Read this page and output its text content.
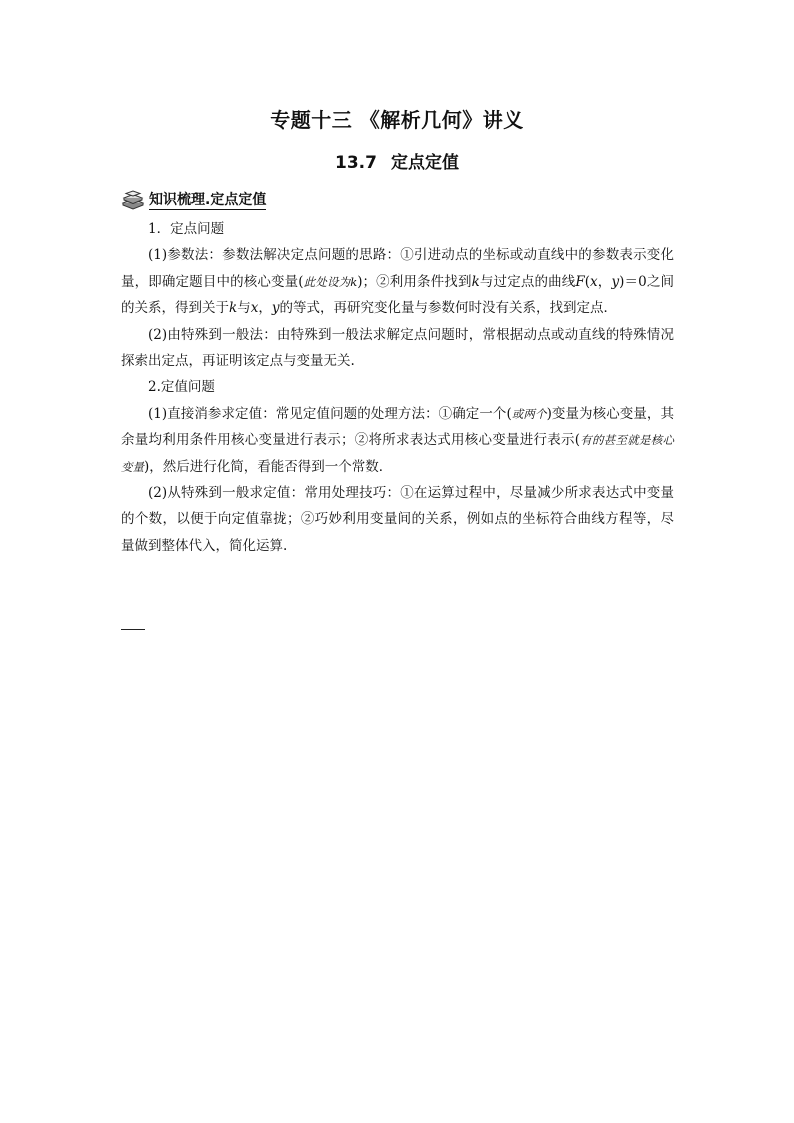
专题十三 《解析几何》讲义
13.7 定点定值
知识梳理.定点定值

1．定点问题

(1)参数法：参数法解决定点问题的思路：①引进动点的坐标或动直线中的参数表示变化量，即确定题目中的核心变量(此处设为k)；②利用条件找到k与过定点的曲线F(x，y)＝0之间的关系，得到关于k与x，y的等式，再研究变化量与参数何时没有关系，找到定点．

(2)由特殊到一般法：由特殊到一般法求解定点问题时，常根据动点或动直线的特殊情况探索出定点，再证明该定点与变量无关.

2.定值问题

(1)直接消参求定值：常见定值问题的处理方法：①确定一个(或两个)变量为核心变量，其余量均利用条件用核心变量进行表示；②将所求表达式用核心变量进行表示(有的甚至就是核心变量)，然后进行化简，看能否得到一个常数．

(2)从特殊到一般求定值：常用处理技巧：①在运算过程中，尽量减少所求表达式中变量的个数，以便于向定值靠拢；②巧妙利用变量间的关系，例如点的坐标符合曲线方程等，尽量做到整体代入，简化运算.
